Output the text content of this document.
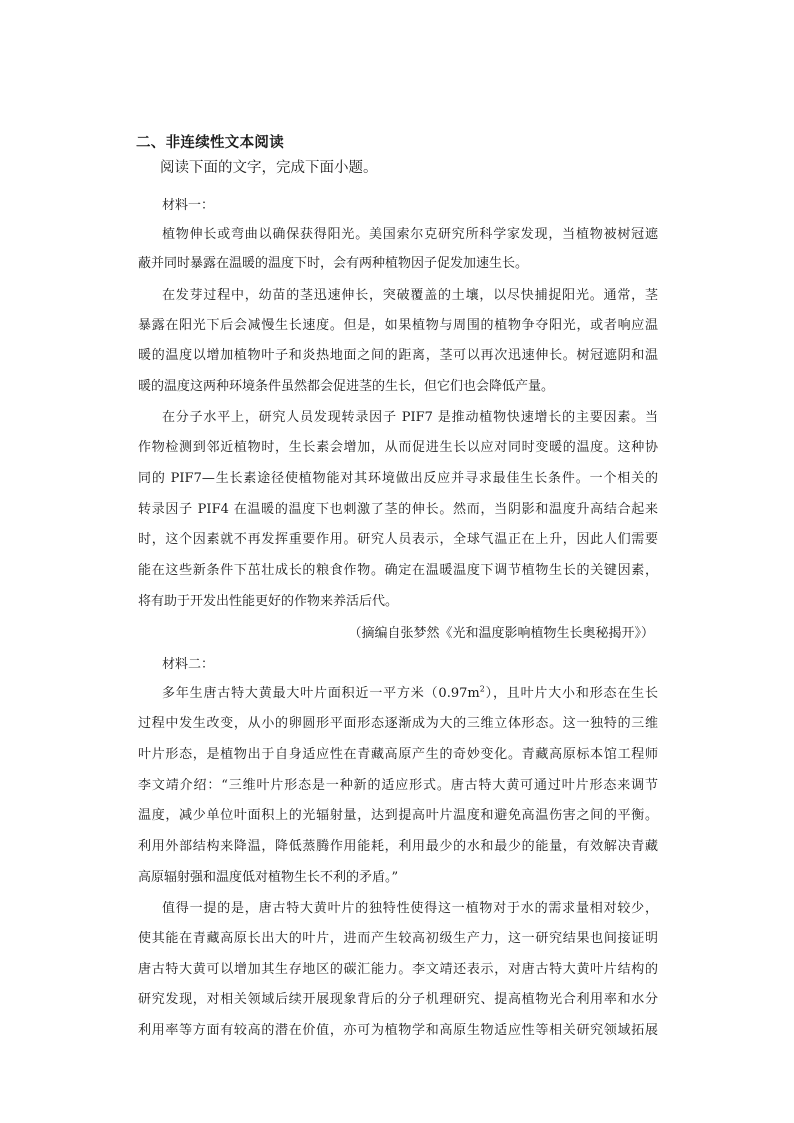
二、非连续性文本阅读
阅读下面的文字，完成下面小题。
材料一：
植物伸长或弯曲以确保获得阳光。美国索尔克研究所科学家发现，当植物被树冠遮
蔽并同时暴露在温暖的温度下时，会有两种植物因子促发加速生长。
在发芽过程中，幼苗的茎迅速伸长，突破覆盖的土壤，以尽快捕捉阳光。通常，茎
暴露在阳光下后会减慢生长速度。但是，如果植物与周围的植物争夺阳光，或者响应温
暖的温度以增加植物叶子和炎热地面之间的距离，茎可以再次迅速伸长。树冠遮阴和温
暖的温度这两种环境条件虽然都会促进茎的生长，但它们也会降低产量。
在分子水平上，研究人员发现转录因子 PIF7 是推动植物快速增长的主要因素。当
作物检测到邻近植物时，生长素会增加，从而促进生长以应对同时变暖的温度。这种协
同的 PIF7—生长素途径使植物能对其环境做出反应并寻求最佳生长条件。一个相关的
转录因子 PIF4 在温暖的温度下也刺激了茎的伸长。然而，当阴影和温度升高结合起来
时，这个因素就不再发挥重要作用。研究人员表示，全球气温正在上升，因此人们需要
能在这些新条件下茁壮成长的粮食作物。确定在温暖温度下调节植物生长的关键因素，
将有助于开发出性能更好的作物来养活后代。
（摘编自张梦然《光和温度影响植物生长奥秘揭开》）
材料二：
多年生唐古特大黄最大叶片面积近一平方米$(0.97m^2)$，且叶片大小和形态在生长
过程中发生改变，从小的卵圆形平面形态逐渐成为大的三维立体形态。这一独特的三维
叶片形态，是植物出于自身适应性在青藏高原产生的奇妙变化。青藏高原标本馆工程师
李文靖介绍：“三维叶片形态是一种新的适应形式。唐古特大黄可通过叶片形态来调节
温度，减少单位叶面积上的光辐射量，达到提高叶片温度和避免高温伤害之间的平衡。
利用外部结构来降温，降低蒸腾作用能耗，利用最少的水和最少的能量，有效解决青藏
高原辐射强和温度低对植物生长不利的矛盾。”
值得一提的是，唐古特大黄叶片的独特性使得这一植物对于水的需求量相对较少，
使其能在青藏高原长出大的叶片，进而产生较高初级生产力，这一研究结果也间接证明
唐古特大黄可以增加其生存地区的碳汇能力。李文靖还表示，对唐古特大黄叶片结构的
研究发现，对相关领域后续开展现象背后的分子机理研究、提高植物光合利用率和水分
利用率等方面有较高的潜在价值，亦可为植物学和高原生物适应性等相关研究领域拓展
